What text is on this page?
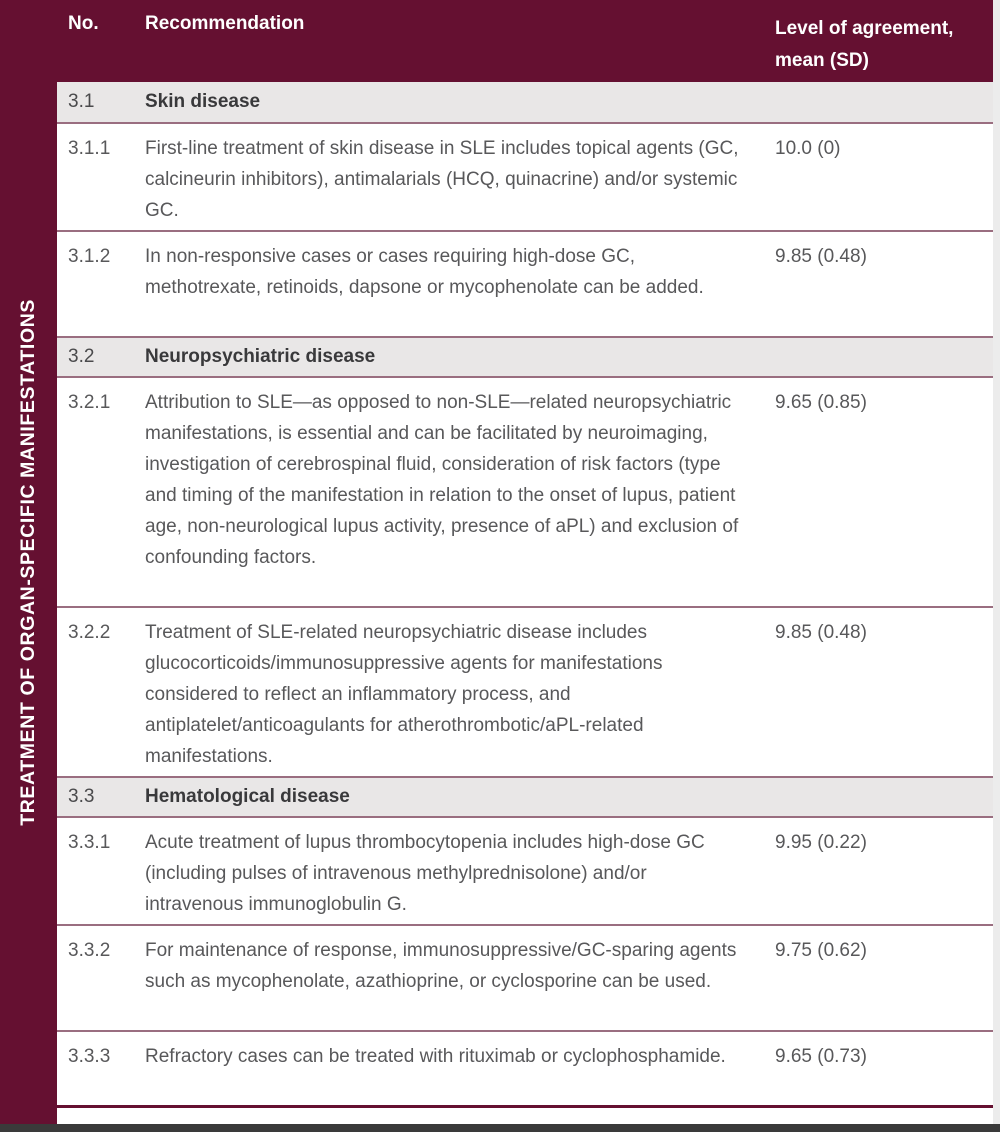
TREATMENT OF ORGAN-SPECIFIC MANIFESTATIONS
No.	Recommendation	Level of agreement,
mean (SD)
3.1	Skin disease
3.1.1	First-line treatment of skin disease in SLE includes topical agents (GC, calcineurin inhibitors), antimalarials (HCQ, quinacrine) and/or systemic GC.
10.0 (0)
3.1.2	In non-responsive cases or cases requiring high-dose GC, methotrexate, retinoids, dapsone or mycophenolate can be added.
9.85 (0.48)
3.2	Neuropsychiatric disease
3.2.1	Attribution to SLE—as opposed to non-SLE—related neuropsychiatric manifestations, is essential and can be facilitated by neuroimaging, investigation of cerebrospinal fluid, consideration of risk factors (type and timing of the manifestation in relation to the onset of lupus, patient age, non-neurological lupus activity, presence of aPL) and exclusion of confounding factors.
9.65 (0.85)
3.2.2	Treatment of SLE-related neuropsychiatric disease includes glucocorticoids/immunosuppressive agents for manifestations considered to reflect an inflammatory process, and antiplatelet/anticoagulants for atherothrombotic/aPL-related manifestations.
9.85 (0.48)
3.3	Hematological disease
3.3.1	Acute treatment of lupus thrombocytopenia includes high-dose GC (including pulses of intravenous methylprednisolone) and/or intravenous immunoglobulin G.
9.95 (0.22)
3.3.2	For maintenance of response, immunosuppressive/GC-sparing agents such as mycophenolate, azathioprine, or cyclosporine can be used.
9.75 (0.62)
3.3.3	Refractory cases can be treated with rituximab or cyclophosphamide.	9.65 (0.73)
